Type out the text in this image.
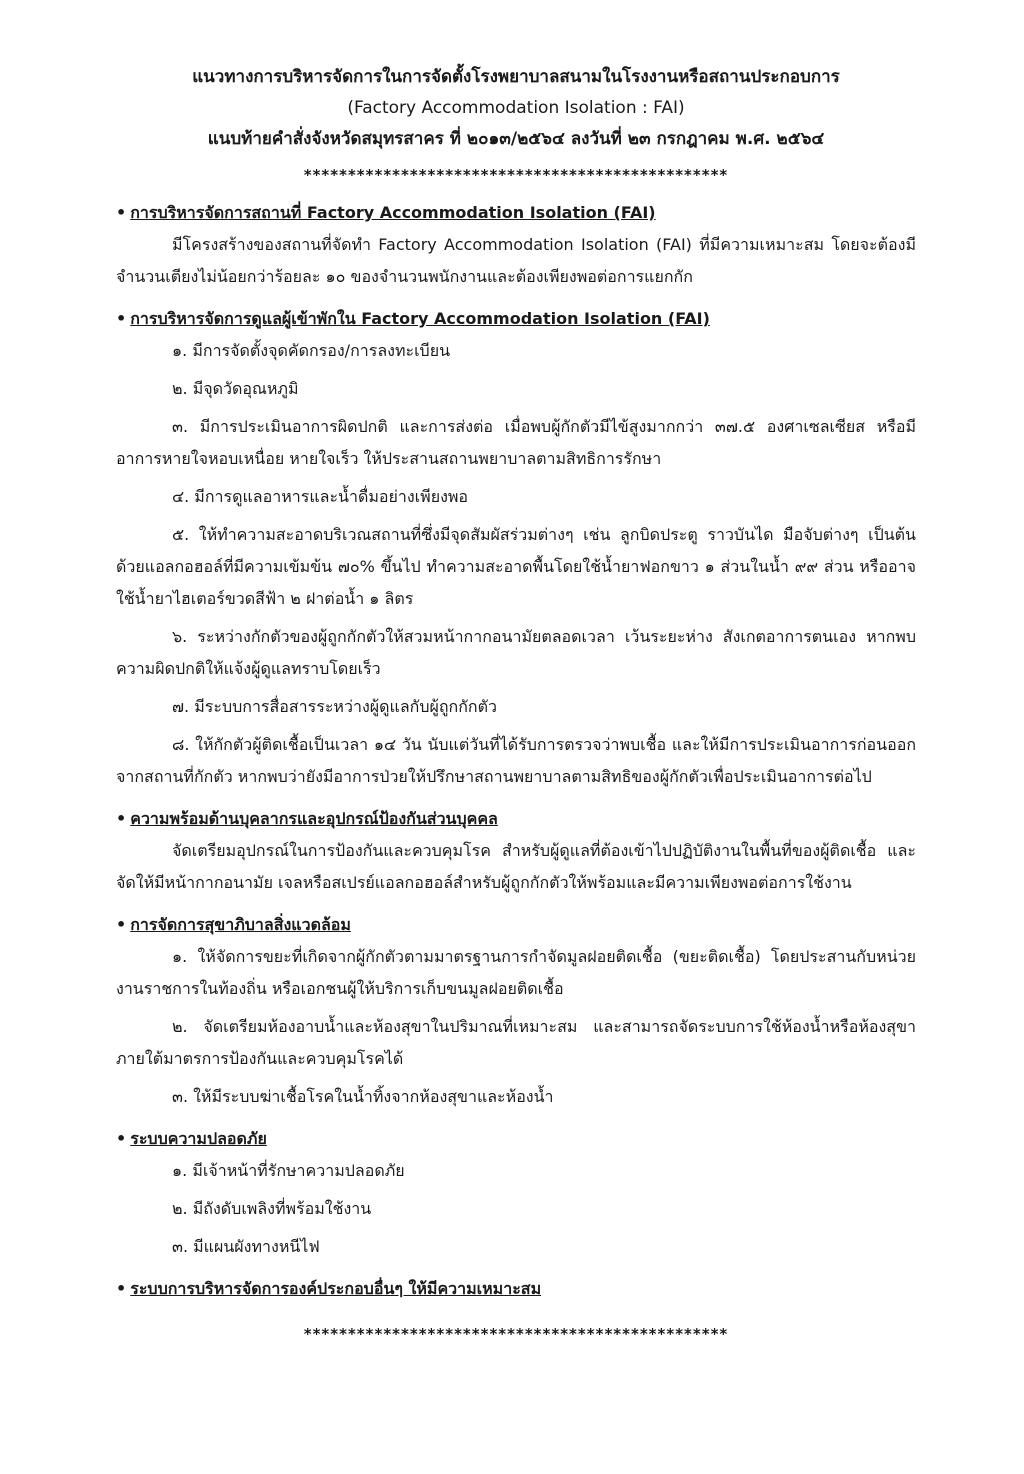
แนวทางการบริหารจัดการในการจัดตั้งโรงพยาบาลสนามในโรงงานหรือสถานประกอบการ
(Factory Accommodation Isolation : FAI)
แนบท้ายคำสั่งจังหวัดสมุทรสาคร ที่ ๒๐๑๓/๒๕๖๔ ลงวันที่ ๒๓ กรกฎาคม พ.ศ. ๒๕๖๔
************************************************
• การบริหารจัดการสถานที่ Factory Accommodation Isolation (FAI)
มีโครงสร้างของสถานที่จัดทำ Factory Accommodation Isolation (FAI) ที่มีความเหมาะสม โดยจะต้องมีจำนวนเตียงไม่น้อยกว่าร้อยละ ๑๐ ของจำนวนพนักงานและต้องเพียงพอต่อการแยกกัก
• การบริหารจัดการดูแลผู้เข้าพักใน Factory Accommodation Isolation (FAI)
๑. มีการจัดตั้งจุดคัดกรอง/การลงทะเบียน
๒. มีจุดวัดอุณหภูมิ
๓. มีการประเมินอาการผิดปกติ และการส่งต่อ เมื่อพบผู้กักตัวมีไข้สูงมากกว่า ๓๗.๕ องศาเซลเซียส หรือมีอาการหายใจหอบเหนื่อย หายใจเร็ว ให้ประสานสถานพยาบาลตามสิทธิการรักษา
๔. มีการดูแลอาหารและน้ำดื่มอย่างเพียงพอ
๕. ให้ทำความสะอาดบริเวณสถานที่ซึ่งมีจุดสัมผัสร่วมต่างๆ เช่น ลูกบิดประตู ราวบันได มือจับต่างๆ เป็นต้น ด้วยแอลกอฮอล์ที่มีความเข้มข้น ๗๐% ขึ้นไป ทำความสะอาดพื้นโดยใช้น้ำยาฟอกขาว ๑ ส่วนในน้ำ ๙๙ ส่วน หรืออาจใช้น้ำยาไฮเตอร์ขวดสีฟ้า ๒ ฝาต่อน้ำ ๑ ลิตร
๖. ระหว่างกักตัวของผู้ถูกกักตัวให้สวมหน้ากากอนามัยตลอดเวลา เว้นระยะห่าง สังเกตอาการตนเอง หากพบความผิดปกติให้แจ้งผู้ดูแลทราบโดยเร็ว
๗. มีระบบการสื่อสารระหว่างผู้ดูแลกับผู้ถูกกักตัว
๘. ให้กักตัวผู้ติดเชื้อเป็นเวลา ๑๔ วัน นับแต่วันที่ได้รับการตรวจว่าพบเชื้อ และให้มีการประเมินอาการก่อนออกจากสถานที่กักตัว หากพบว่ายังมีอาการป่วยให้ปรึกษาสถานพยาบาลตามสิทธิของผู้กักตัวเพื่อประเมินอาการต่อไป
• ความพร้อมด้านบุคลากรและอุปกรณ์ป้องกันส่วนบุคคล
จัดเตรียมอุปกรณ์ในการป้องกันและควบคุมโรค สำหรับผู้ดูแลที่ต้องเข้าไปปฏิบัติงานในพื้นที่ของผู้ติดเชื้อ และจัดให้มีหน้ากากอนามัย เจลหรือสเปรย์แอลกอฮอล์สำหรับผู้ถูกกักตัวให้พร้อมและมีความเพียงพอต่อการใช้งาน
• การจัดการสุขาภิบาลสิ่งแวดล้อม
๑. ให้จัดการขยะที่เกิดจากผู้กักตัวตามมาตรฐานการกำจัดมูลฝอยติดเชื้อ (ขยะติดเชื้อ) โดยประสานกับหน่วยงานราชการในท้องถิ่น หรือเอกชนผู้ให้บริการเก็บขนมูลฝอยติดเชื้อ
๒. จัดเตรียมห้องอาบน้ำและห้องสุขาในปริมาณที่เหมาะสม และสามารถจัดระบบการใช้ห้องน้ำหรือห้องสุขาภายใต้มาตรการป้องกันและควบคุมโรคได้
๓. ให้มีระบบฆ่าเชื้อโรคในน้ำทิ้งจากห้องสุขาและห้องน้ำ
• ระบบความปลอดภัย
๑. มีเจ้าหน้าที่รักษาความปลอดภัย
๒. มีถังดับเพลิงที่พร้อมใช้งาน
๓. มีแผนผังทางหนีไฟ
• ระบบการบริหารจัดการองค์ประกอบอื่นๆ ให้มีความเหมาะสม
************************************************
